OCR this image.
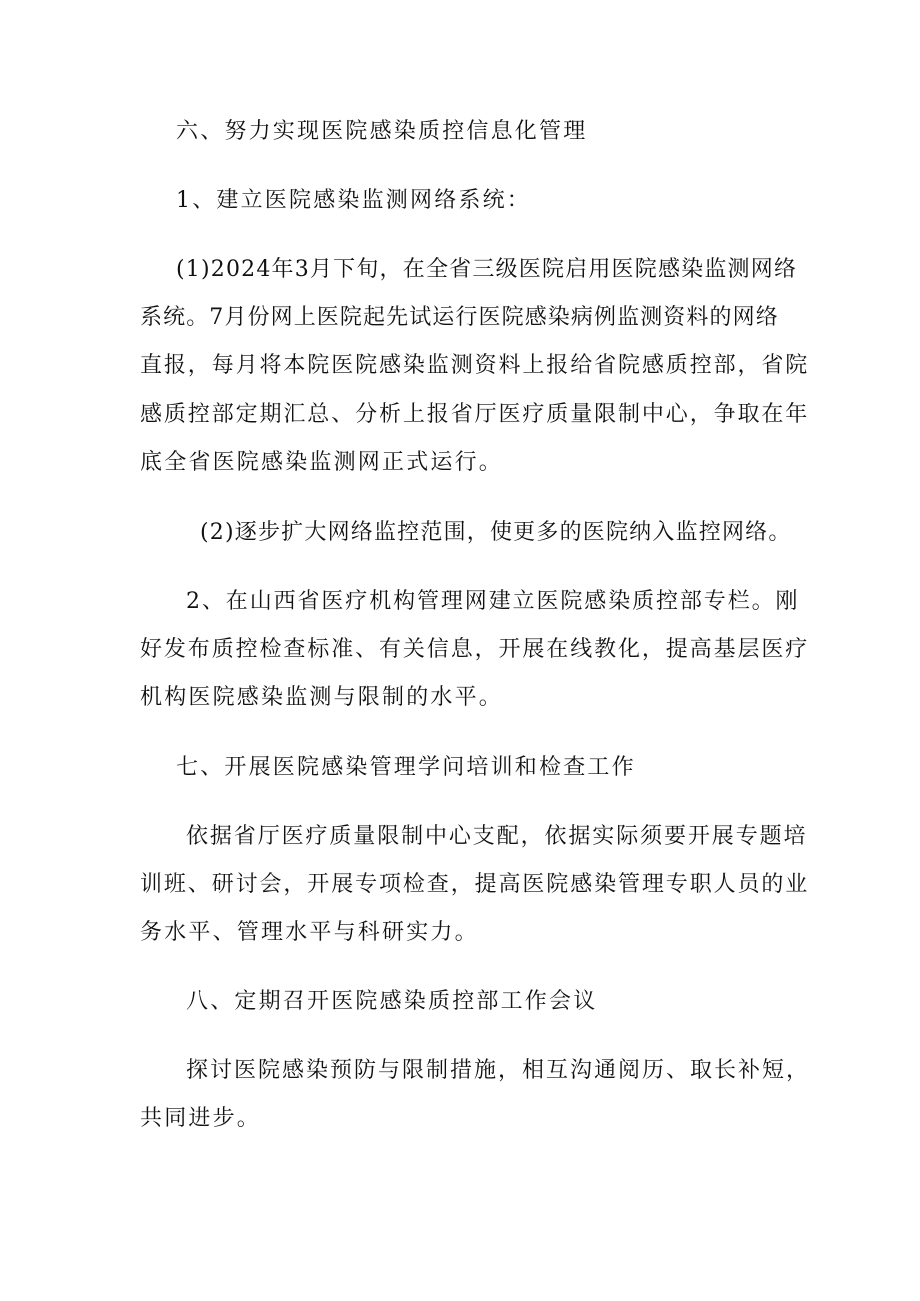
六、努力实现医院感染质控信息化管理
1、建立医院感染监测网络系统：
(1)2024年3月下旬，在全省三级医院启用医院感染监测网络
系统。7月份网上医院起先试运行医院感染病例监测资料的网络
直报，每月将本院医院感染监测资料上报给省院感质控部，省院
感质控部定期汇总、分析上报省厅医疗质量限制中心，争取在年
底全省医院感染监测网正式运行。
(2)逐步扩大网络监控范围，使更多的医院纳入监控网络。
2、在山西省医疗机构管理网建立医院感染质控部专栏。刚
好发布质控检查标准、有关信息，开展在线教化，提高基层医疗
机构医院感染监测与限制的水平。
七、开展医院感染管理学问培训和检查工作
依据省厅医疗质量限制中心支配，依据实际须要开展专题培
训班、研讨会，开展专项检查，提高医院感染管理专职人员的业
务水平、管理水平与科研实力。
八、定期召开医院感染质控部工作会议
探讨医院感染预防与限制措施，相互沟通阅历、取长补短，
共同进步。
